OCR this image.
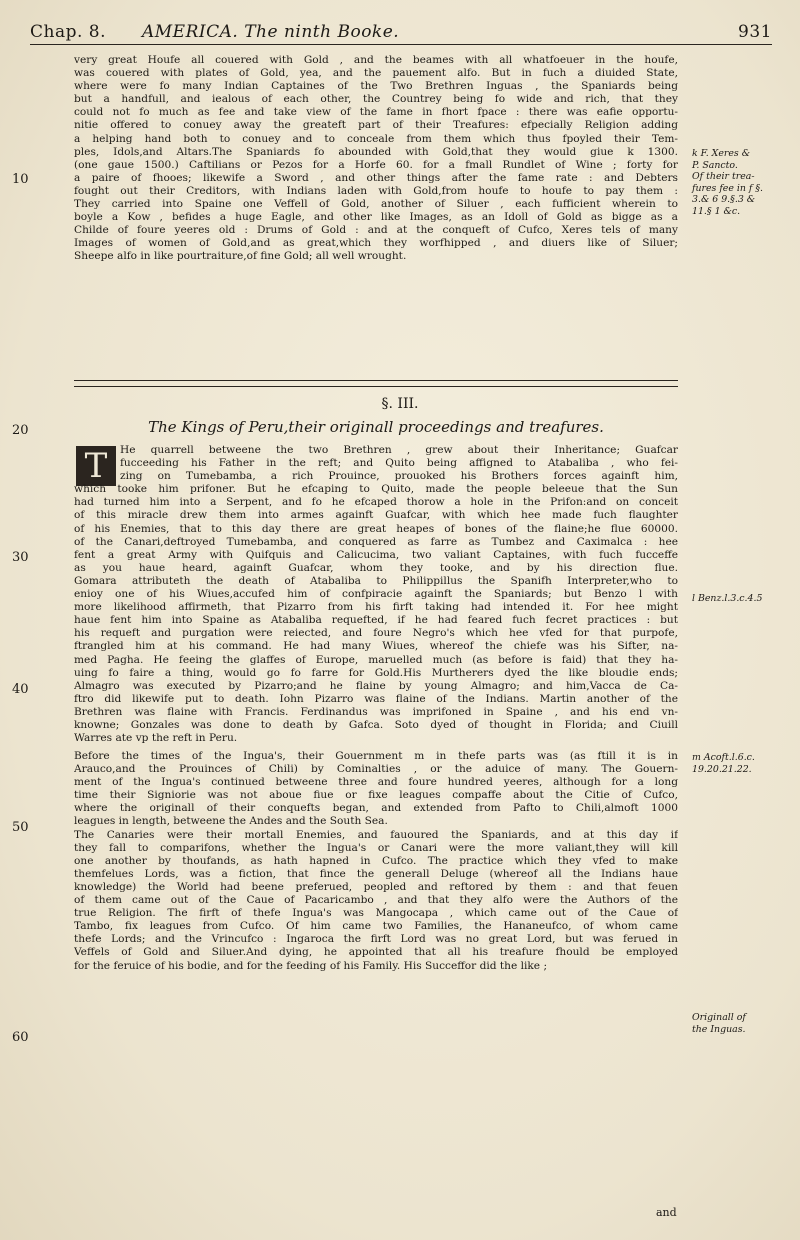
Chap. 8. AMERICA. The ninth Booke.	931
10
20
30
40
50
60
very great Houfe all couered with Gold , and the beames with all whatfoeuer in the houfe,
was couered with plates of Gold, yea, and the pauement alfo. But in fuch a diuided State,
where were fo many Indian Captaines of the Two Brethren Inguas , the Spaniards being
but a handfull, and iealous of each other, the Countrey being fo wide and rich, that they
could not fo much as fee and take view of the fame in fhort fpace : there was eafie opportu-
nitie offered to conuey away the greateft part of their Treafures: efpecially Religion adding
a helping hand both to conuey and to conceale from them which thus fpoyled their Tem-
ples, Idols,and Altars.The Spaniards fo abounded with Gold,that they would giue k 1300.
(one gaue 1500.) Caftilians or Pezos for a Horfe 60. for a fmall Rundlet of Wine ; forty for
a paire of fhooes; likewife a Sword , and other things after the fame rate : and Debters
fought out their Creditors, with Indians laden with Gold,from houfe to houfe to pay them :
They carried into Spaine one Veffell of Gold, another of Siluer , each fufficient wherein to
boyle a Kow , befides a huge Eagle, and other like Images, as an Idoll of Gold as bigge as a
Childe of foure yeeres old : Drums of Gold : and at the conqueft of Cufco, Xeres tels of many
Images of women of Gold,and as great,which they worfhipped , and diuers like of Siluer;
Sheepe alfo in like pourtraiture,of fine Gold; all well wrought.
k F. Xeres &
P. Sancto.
Of their trea-
fures fee in f §.
3.& 6 9.§.3 &
11.§ 1 &c.
§. III.
The Kings of Peru,their originall proceedings and treafures.
T	He quarrell betweene the two Brethren , grew about their Inheritance; Guafcar
fucceeding his Father in the reft; and Quito being affigned to Atabaliba , who fei-
zing on Tumebamba, a rich Prouince, prouoked his Brothers forces againft him,
which tooke him prifoner. But he efcaping to Quito, made the people beleeue that the Sun
had turned him into a Serpent, and fo he efcaped thorow a hole in the Prifon:and on conceit
of this miracle drew them into armes againft Guafcar, with which hee made fuch flaughter
of his Enemies, that to this day there are great heapes of bones of the flaine;he flue 60000.
of the Canari,deftroyed Tumebamba, and conquered as farre as Tumbez and Caximalca : hee
fent a great Army with Quifquis and Calicucima, two valiant Captaines, with fuch fucceffe
as you haue heard, againft Guafcar, whom they tooke, and by his direction flue.
Gomara attributeth the death of Atabaliba to Philippillus the Spanifh Interpreter,who to
enioy one of his Wiues,accufed him of confpiracie againft the Spaniards; but Benzo l with
more likelihood affirmeth, that Pizarro from his firft taking had intended it. For hee might
haue fent him into Spaine as Atabaliba requefted, if he had feared fuch fecret practices : but
his requeft and purgation were reiected, and foure Negro's which hee vfed for that purpofe,
ftrangled him at his command. He had many Wiues, whereof the chiefe was his Sifter, na-
med Pagha. He feeing the glaffes of Europe, maruelled much (as before is faid) that they ha-
uing fo faire a thing, would go fo farre for Gold.His Murtherers dyed the like bloudie ends;
Almagro was executed by Pizarro;and he flaine by young Almagro; and him,Vacca de Ca-
ftro did likewife put to death. Iohn Pizarro was flaine of the Indians. Martin another of the
Brethren was flaine with Francis. Ferdinandus was imprifoned in Spaine , and his end vn-
knowne; Gonzales was done to death by Gafca. Soto dyed of thought in Florida; and Ciuill
Warres ate vp the reft in Peru.
l Benz.l.3.c.4.5
Before the times of the Ingua's, their Gouernment m in thefe parts was (as ftill it is in
Arauco,and the Prouinces of Chili) by Cominalties , or the aduice of many. The Gouern-
ment of the Ingua's continued betweene three and foure hundred yeeres, although for a long
time their Signiorie was not aboue fiue or fixe leagues compaffe about the Citie of Cufco,
where the originall of their conquefts began, and extended from Pafto to Chili,almoft 1000
leagues in length, betweene the Andes and the South Sea.
The Canaries were their mortall Enemies, and fauoured the Spaniards, and at this day if
they fall to comparifons, whether the Ingua's or Canari were the more valiant,they will kill
one another by thoufands, as hath hapned in Cufco. The practice which they vfed to make
themfelues Lords, was a fiction, that fince the generall Deluge (whereof all the Indians haue
knowledge) the World had beene preferued, peopled and reftored by them : and that feuen
of them came out of the Caue of Pacaricambo , and that they alfo were the Authors of the
true Religion. The firft of thefe Ingua's was Mangocapa , which came out of the Caue of
Tambo, fix leagues from Cufco. Of him came two Families, the Hananeufco, of whom came
thefe Lords; and the Vrincufco : Ingaroca the firft Lord was no great Lord, but was ferued in
Veffels of Gold and Siluer.And dying, he appointed that all his treafure fhould be employed
for the feruice of his bodie, and for the feeding of his Family. His Succeffor did the like ;
m Acoft.l.6.c.
19.20.21.22.
Originall of
the Inguas.
and
